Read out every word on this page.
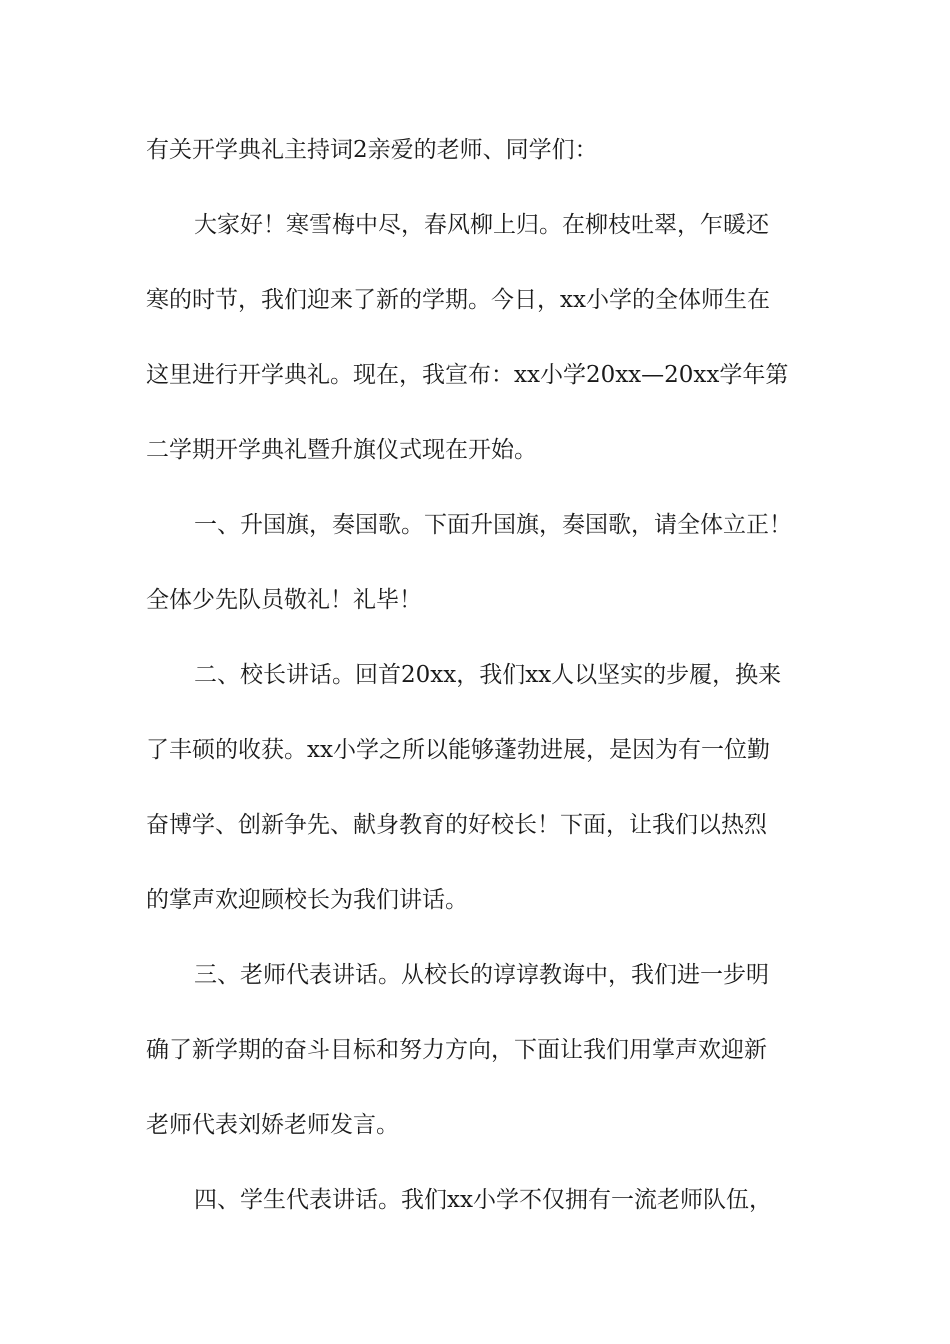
有关开学典礼主持词2亲爱的老师、同学们：
大家好！寒雪梅中尽，春风柳上归。在柳枝吐翠，乍暖还
寒的时节，我们迎来了新的学期。今日，xx小学的全体师生在
这里进行开学典礼。现在，我宣布：xx小学20xx—20xx学年第
二学期开学典礼暨升旗仪式现在开始。
一、升国旗，奏国歌。下面升国旗，奏国歌，请全体立正！
全体少先队员敬礼！礼毕！
二、校长讲话。回首20xx，我们xx人以坚实的步履，换来
了丰硕的收获。xx小学之所以能够蓬勃进展，是因为有一位勤
奋博学、创新争先、献身教育的好校长！下面，让我们以热烈
的掌声欢迎顾校长为我们讲话。
三、老师代表讲话。从校长的谆谆教诲中，我们进一步明
确了新学期的奋斗目标和努力方向，下面让我们用掌声欢迎新
老师代表刘娇老师发言。
四、学生代表讲话。我们xx小学不仅拥有一流老师队伍，
